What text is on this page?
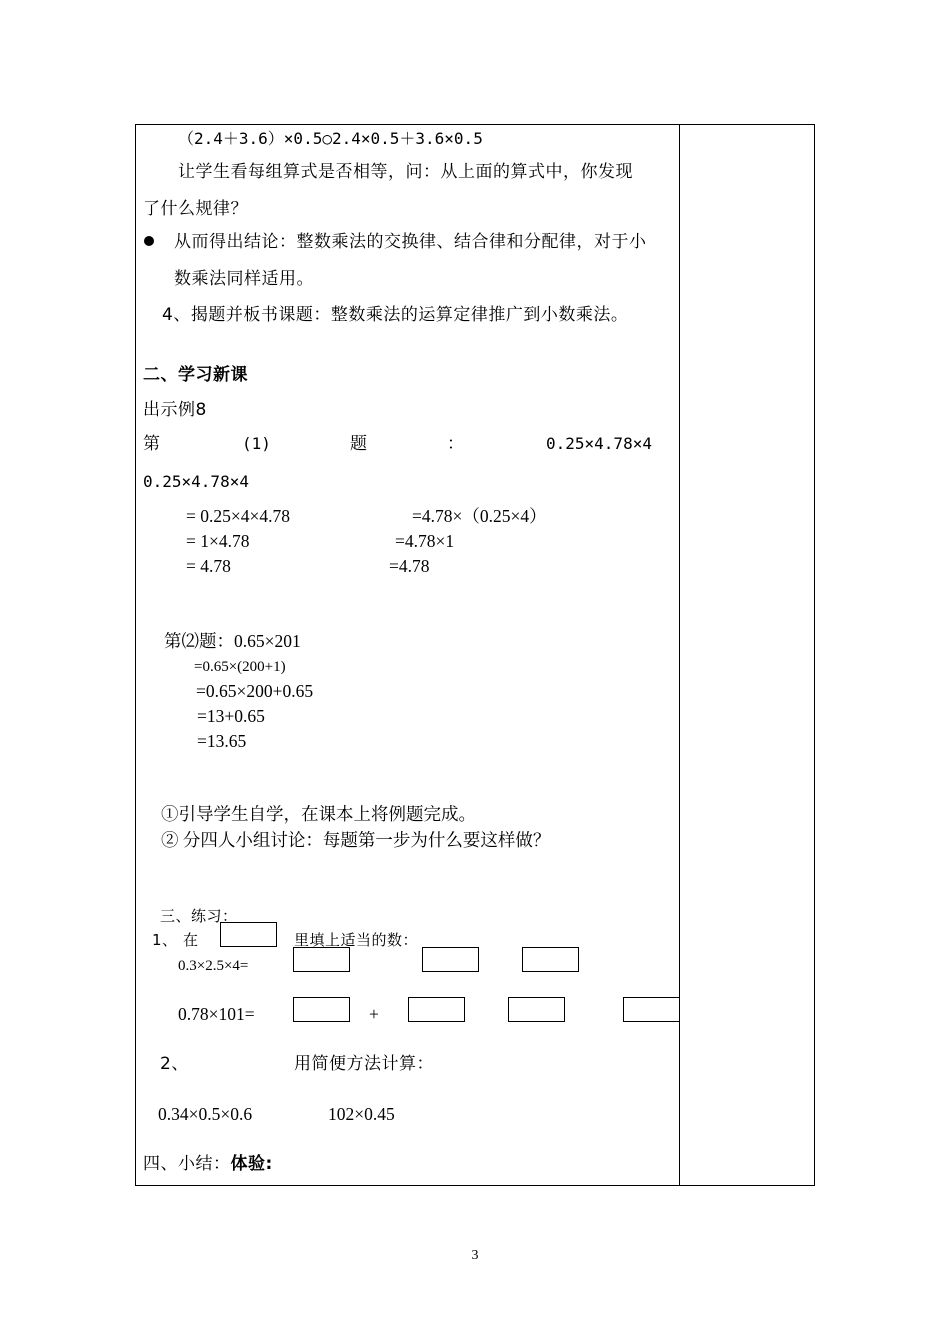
（2.4＋3.6）×0.5○2.4×0.5＋3.6×0.5
让学生看每组算式是否相等，问：从上面的算式中，你发现
了什么规律？
从而得出结论：整数乘法的交换律、结合律和分配律，对于小
数乘法同样适用。
4、揭题并板书课题：整数乘法的运算定律推广到小数乘法。
二、学习新课
出示例8
第	(1)	题	：	0.25×4.78×4
0.25×4.78×4
= 0.25×4×4.78
= 1×4.78
= 4.78
=4.78×（0.25×4）
=4.78×1
=4.78
第⑵题：0.65×201
=0.65×(200+1)
=0.65×200+0.65
=13+0.65
=13.65
①引导学生自学，在课本上将例题完成。
② 分四人小组讨论：每题第一步为什么要这样做？
三、练习：
1、 在	里填上适当的数：
0.3×2.5×4=
0.78×101=	+
2、	用简便方法计算：
0.34×0.5×0.6	102×0.45
四、小结：体验:
3
